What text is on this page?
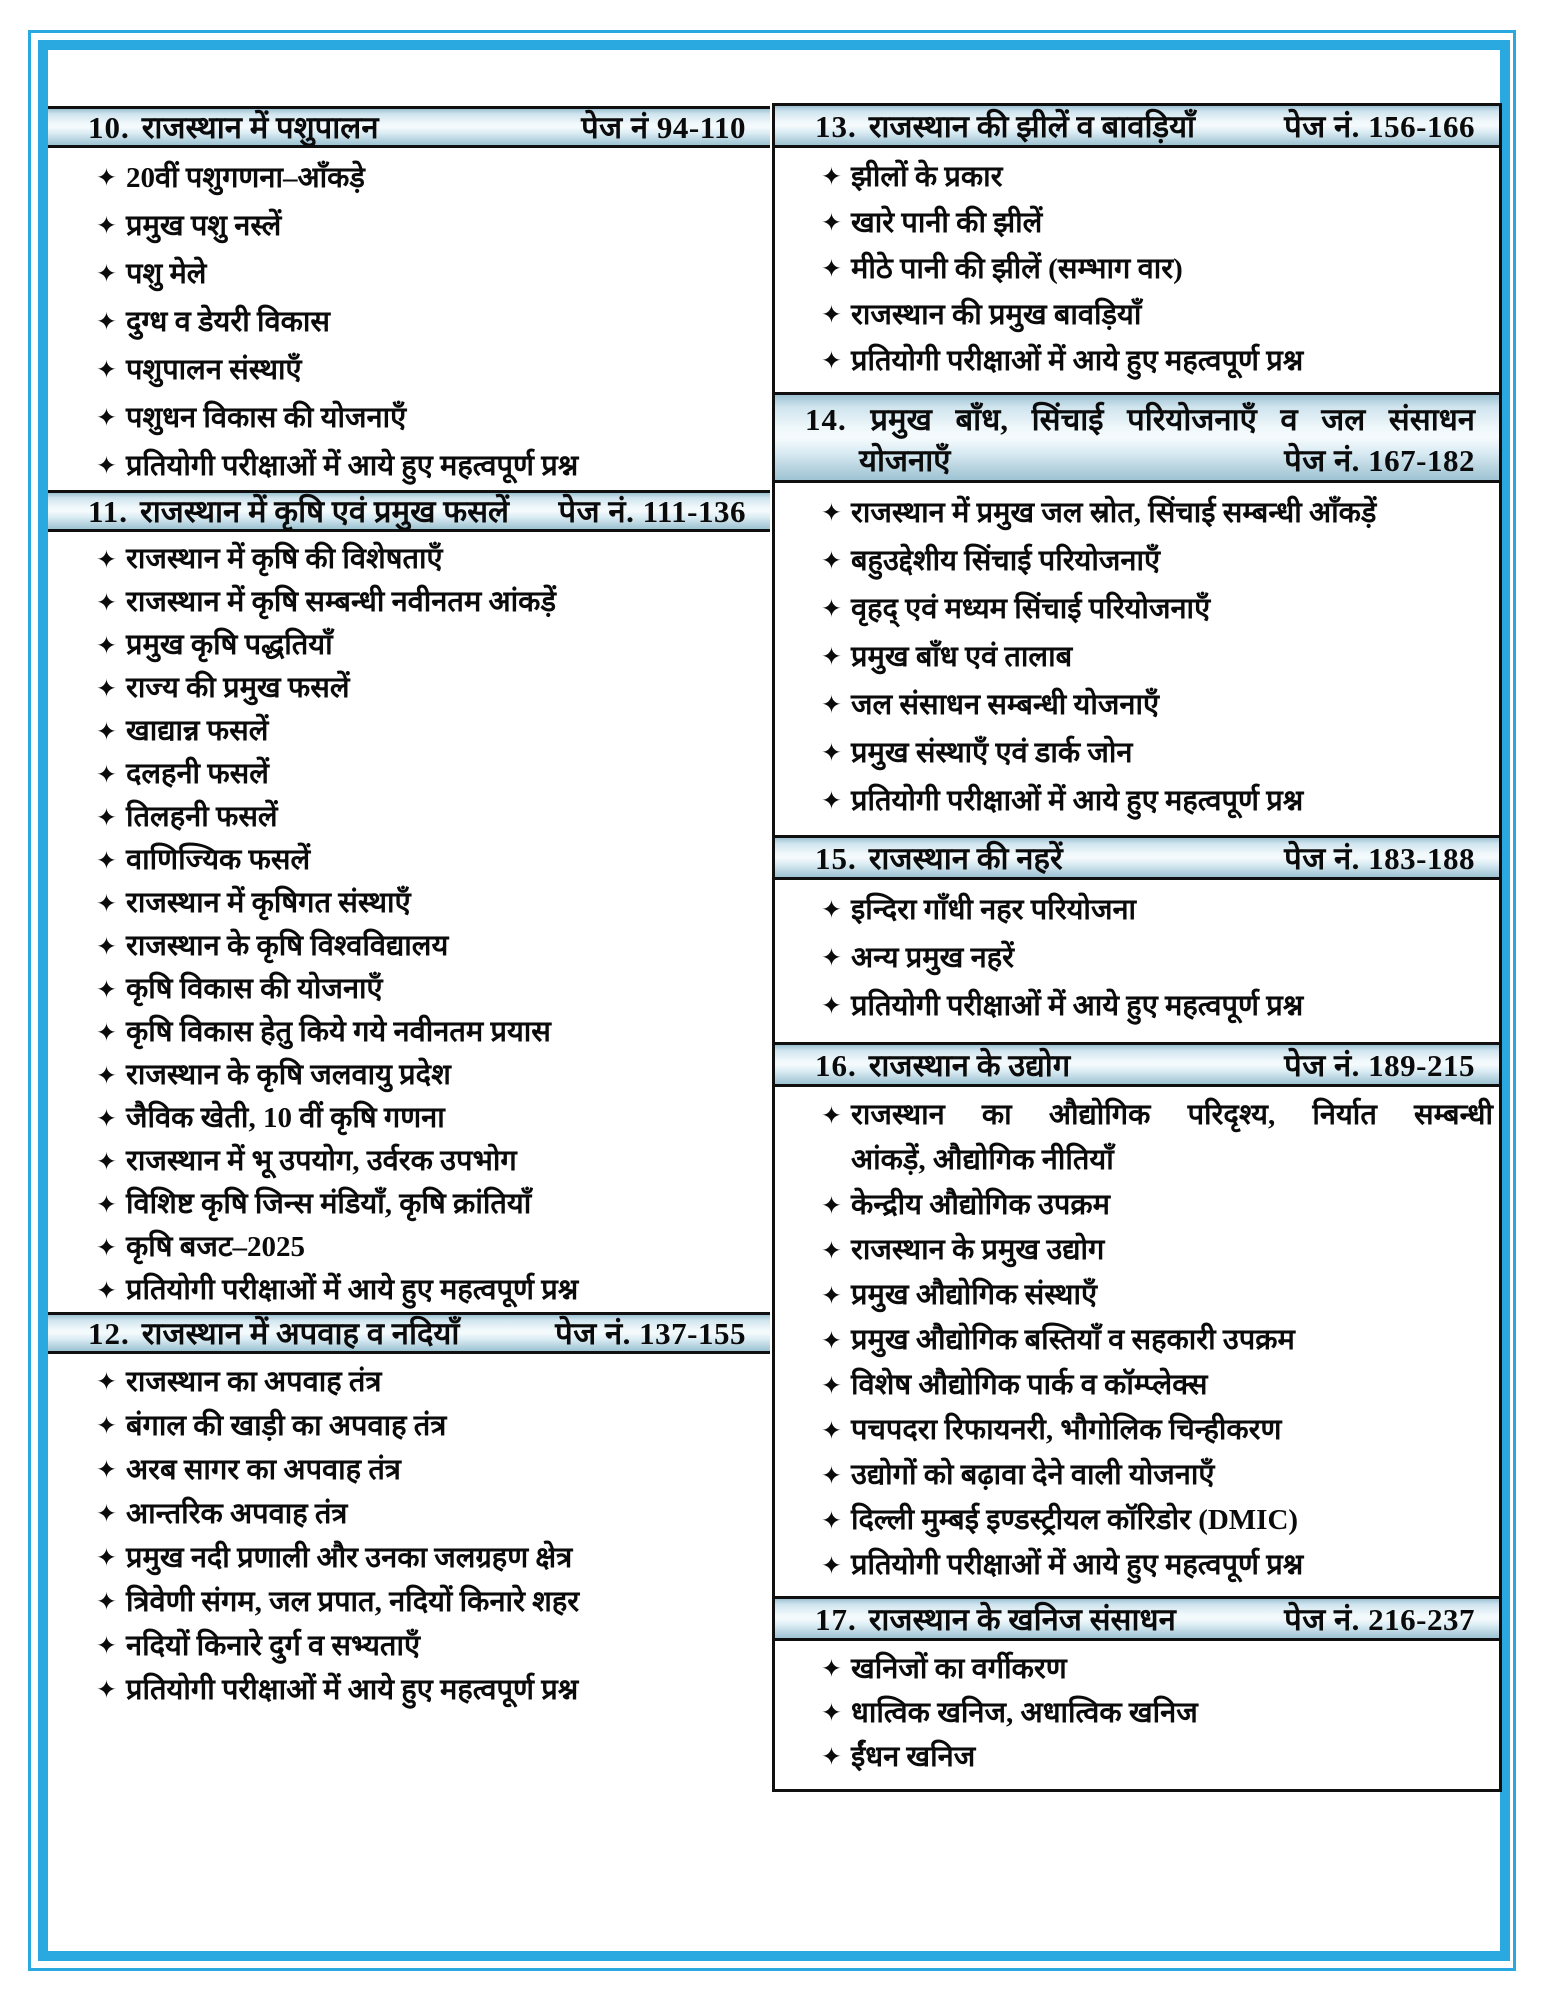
10. राजस्थान में पशुपालन	पेज नं 94-110
✦ 20वीं पशुगणना–आँकड़े
✦ प्रमुख पशु नस्लें
✦ पशु मेले
✦ दुग्ध व डेयरी विकास
✦ पशुपालन संस्थाएँ
✦ पशुधन विकास की योजनाएँ
✦ प्रतियोगी परीक्षाओं में आये हुए महत्वपूर्ण प्रश्न
11. राजस्थान में कृषि एवं प्रमुख फसलें पेज नं. 111-136
✦ राजस्थान में कृषि की विशेषताएँ
✦ राजस्थान में कृषि सम्बन्धी नवीनतम आंकड़ें
✦ प्रमुख कृषि पद्धतियाँ
✦ राज्य की प्रमुख फसलें
✦ खाद्यान्न फसलें
✦ दलहनी फसलें
✦ तिलहनी फसलें
✦ वाणिज्यिक फसलें
✦ राजस्थान में कृषिगत संस्थाएँ
✦ राजस्थान के कृषि विश्वविद्यालय
✦ कृषि विकास की योजनाएँ
✦ कृषि विकास हेतु किये गये नवीनतम प्रयास
✦ राजस्थान के कृषि जलवायु प्रदेश
✦ जैविक खेती, 10 वीं कृषि गणना
✦ राजस्थान में भू उपयोग, उर्वरक उपभोग
✦ विशिष्ट कृषि जिन्स मंडियाँ, कृषि क्रांतियाँ
✦ कृषि बजट–2025
✦ प्रतियोगी परीक्षाओं में आये हुए महत्वपूर्ण प्रश्न
12. राजस्थान में अपवाह व नदियाँ	पेज नं. 137-155
✦ राजस्थान का अपवाह तंत्र
✦ बंगाल की खाड़ी का अपवाह तंत्र
✦ अरब सागर का अपवाह तंत्र
✦ आन्तरिक अपवाह तंत्र
✦ प्रमुख नदी प्रणाली और उनका जलग्रहण क्षेत्र
✦ त्रिवेणी संगम, जल प्रपात, नदियों किनारे शहर
✦ नदियों किनारे दुर्ग व सभ्यताएँ
✦ प्रतियोगी परीक्षाओं में आये हुए महत्वपूर्ण प्रश्न
13. राजस्थान की झीलें व बावड़ियाँ	पेज नं. 156-166
✦ झीलों के प्रकार
✦ खारे पानी की झीलें
✦ मीठे पानी की झीलें (सम्भाग वार)
✦ राजस्थान की प्रमुख बावड़ियाँ
✦ प्रतियोगी परीक्षाओं में आये हुए महत्वपूर्ण प्रश्न
14. प्रमुख बाँध, सिंचाई परियोजनाएँ व जल संसाधन
योजनाएँ	पेज नं. 167-182
✦ राजस्थान में प्रमुख जल स्रोत, सिंचाई सम्बन्धी आँकड़ें
✦ बहुउद्देशीय सिंचाई परियोजनाएँ
✦ वृहद् एवं मध्यम सिंचाई परियोजनाएँ
✦ प्रमुख बाँध एवं तालाब
✦ जल संसाधन सम्बन्धी योजनाएँ
✦ प्रमुख संस्थाएँ एवं डार्क जोन
✦ प्रतियोगी परीक्षाओं में आये हुए महत्वपूर्ण प्रश्न
15. राजस्थान की नहरें	पेज नं. 183-188
✦ इन्दिरा गाँधी नहर परियोजना
✦ अन्य प्रमुख नहरें
✦ प्रतियोगी परीक्षाओं में आये हुए महत्वपूर्ण प्रश्न
16. राजस्थान के उद्योग	पेज नं. 189-215
✦ राजस्थान का औद्योगिक परिदृश्य, निर्यात सम्बन्धी
आंकड़ें, औद्योगिक नीतियाँ
✦ केन्द्रीय औद्योगिक उपक्रम
✦ राजस्थान के प्रमुख उद्योग
✦ प्रमुख औद्योगिक संस्थाएँ
✦ प्रमुख औद्योगिक बस्तियाँ व सहकारी उपक्रम
✦ विशेष औद्योगिक पार्क व कॉम्प्लेक्स
✦ पचपदरा रिफायनरी, भौगोलिक चिन्हीकरण
✦ उद्योगों को बढ़ावा देने वाली योजनाएँ
✦ दिल्ली मुम्बई इण्डस्ट्रीयल कॉरिडोर (DMIC)
✦ प्रतियोगी परीक्षाओं में आये हुए महत्वपूर्ण प्रश्न
17. राजस्थान के खनिज संसाधन	पेज नं. 216-237
✦ खनिजों का वर्गीकरण
✦ धात्विक खनिज, अधात्विक खनिज
✦ ईंधन खनिज
